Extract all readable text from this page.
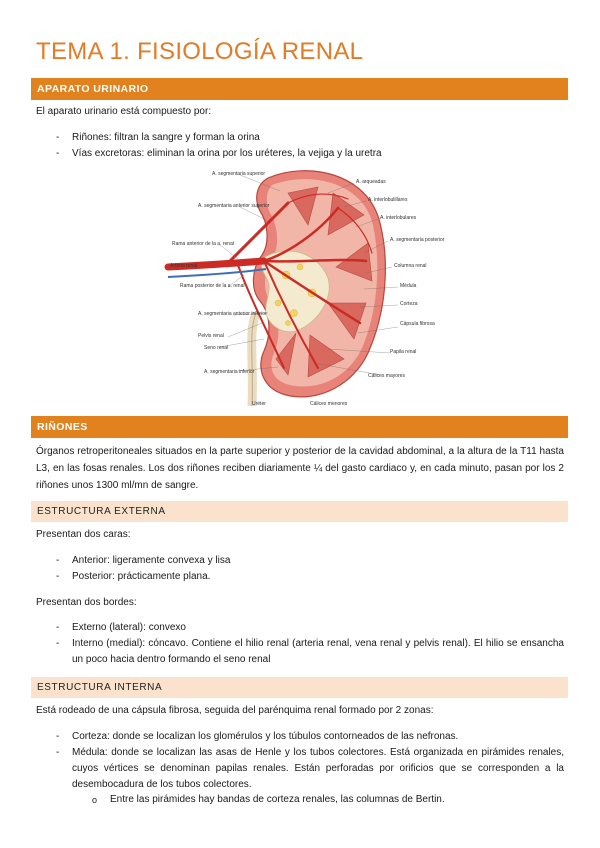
TEMA 1. FISIOLOGÍA RENAL
APARATO URINARIO
El aparato urinario está compuesto por:
- Riñones: filtran la sangre y forman la orina
- Vías excretoras: eliminan la orina por los uréteres, la vejiga y la uretra
A. segmentaria superior
A. segmentaria anterior superior
Rama anterior de la a. renal
Arteria renal
Rama posterior de la a. renal
A. segmentaria anterior inferior
Pelvis renal
Seno renal
A. segmentaria inferior
Uréter
A. arqueadas
A. interlobulillares
A. interlobulares
A. segmentaria posterior
Columna renal
Médula
Corteza
Cápsula fibrosa
Papila renal
Cálices mayores
Cálices menores
RIÑONES
Órganos retroperitoneales situados en la parte superior y posterior de la cavidad abdominal, a la altura de la T11 hasta L3, en las fosas renales. Los dos riñones reciben diariamente ¼ del gasto cardiaco y, en cada minuto, pasan por los 2 riñones unos 1300 ml/mn de sangre.
ESTRUCTURA EXTERNA
Presentan dos caras:
- Anterior: ligeramente convexa y lisa
- Posterior: prácticamente plana.
Presentan dos bordes:
- Externo (lateral): convexo
- Interno (medial): cóncavo. Contiene el hilio renal (arteria renal, vena renal y pelvis renal). El hilio se ensancha un poco hacia dentro formando el seno renal
ESTRUCTURA INTERNA
Está rodeado de una cápsula fibrosa, seguida del parénquima renal formado por 2 zonas:
- Corteza: donde se localizan los glomérulos y los túbulos contorneados de las nefronas.
- Médula: donde se localizan las asas de Henle y los tubos colectores. Está organizada en pirámides renales, cuyos vértices se denominan papilas renales. Están perforadas por orificios que se corresponden a la desembocadura de los tubos colectores.
o Entre las pirámides hay bandas de corteza renales, las columnas de Bertin.
